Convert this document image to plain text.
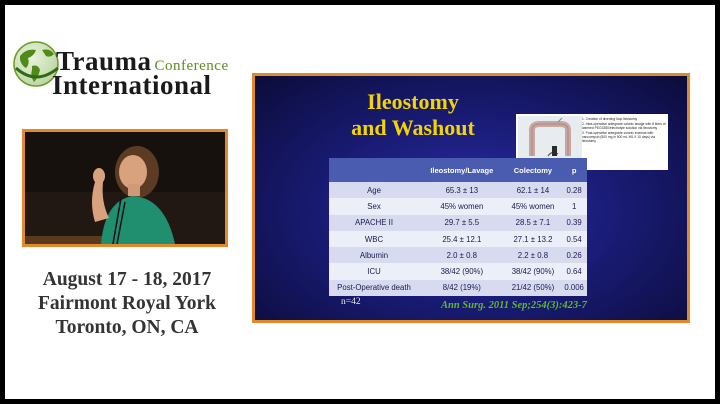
Trauma Conference
International
August 17 - 18, 2017
Fairmont Royal York
Toronto, ON, CA
Ileostomy
and Washout	1. Creation of diverting loop ileostomy
2. Intra-operative antegrade colonic lavage with 8 liters of warmed PEG3350/electrolyte solution via ileostomy
3. Post-operative antegrade colonic enemas with vancomycin (500 mg in 500 mL NS X 10 days) via ileostomy
	Ileostomy/Lavage	Colectomy	p
Age	65.3 ± 13	62.1 ± 14	0.28
Sex	45% women	45% women	1
APACHE II	29.7 ± 5.5	28.5 ± 7.1	0.39
WBC	25.4 ± 12.1	27.1 ± 13.2	0.54
Albumin	2.0 ± 0.8	2.2 ± 0.8	0.26
ICU	38/42 (90%)	38/42 (90%)	0.64
Post-Operative death	8/42 (19%)	21/42 (50%)	0.006
n=42	Ann Surg. 2011 Sep;254(3):423-7
